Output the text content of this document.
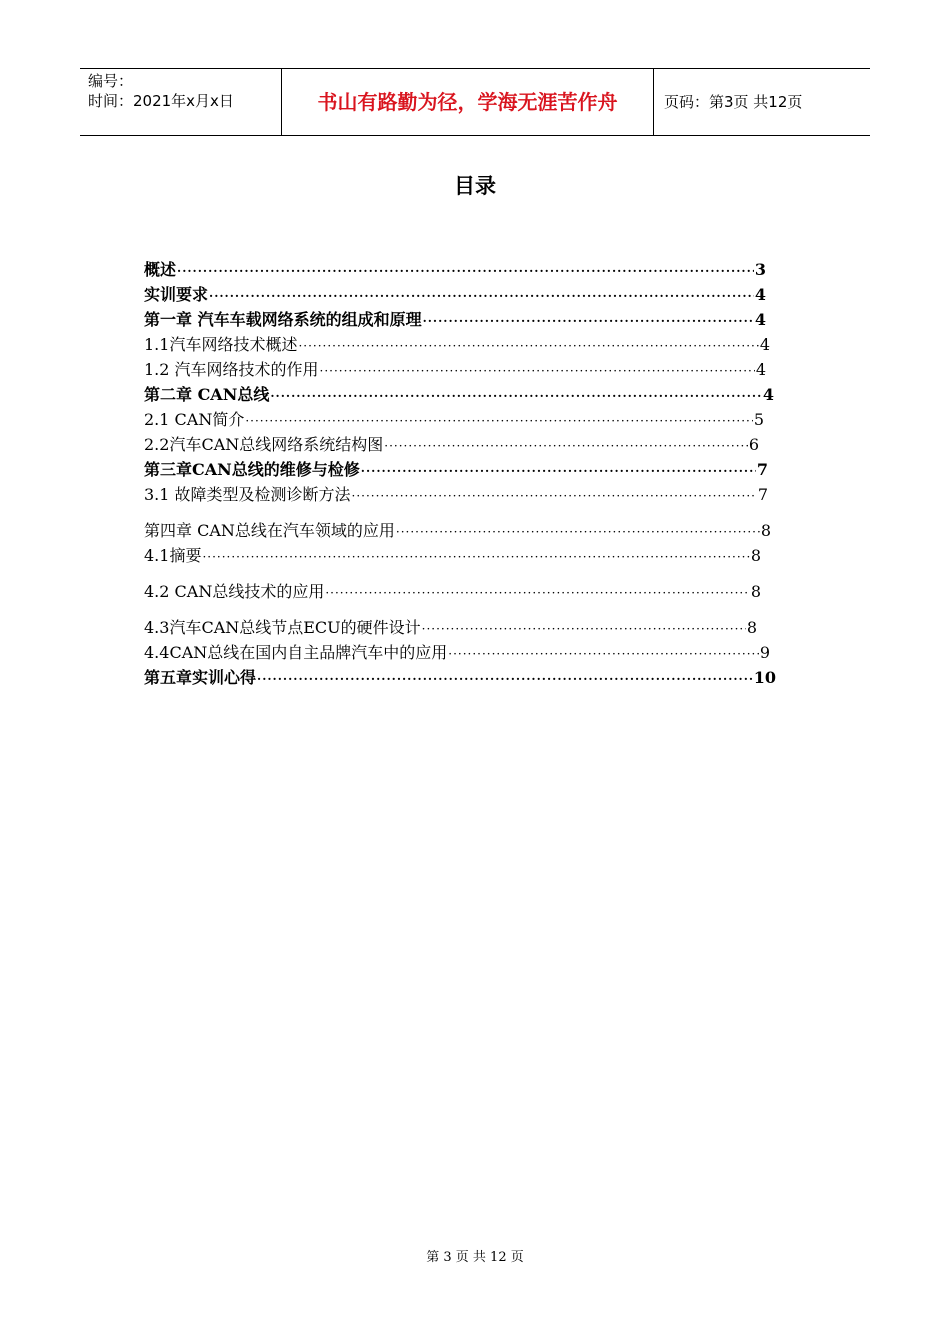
编号：
时间：2021年x月x日	书山有路勤为径，学海无涯苦作舟	页码：第3页 共12页
目录
概述 ·····	3
实训要求 ·····	4
第一章 汽车车载网络系统的组成和原理 ·····	4
1.1汽车网络技术概述 ·····	4
1.2 汽车网络技术的作用 ·····	4
第二章 CAN总线 ·····	4
2.1 CAN简介 ·····	5
2.2汽车CAN总线网络系统结构图 ·····	6
第三章CAN总线的维修与检修 ·····	7
3.1 故障类型及检测诊断方法 ·····	7
第四章 CAN总线在汽车领域的应用 ·····	8
4.1摘要 ·····	8
4.2 CAN总线技术的应用 ·····	8
4.3汽车CAN总线节点ECU的硬件设计 ·····	8
4.4CAN总线在国内自主品牌汽车中的应用 ·····	9
第五章实训心得 ·····	10
第 3 页 共 12 页
